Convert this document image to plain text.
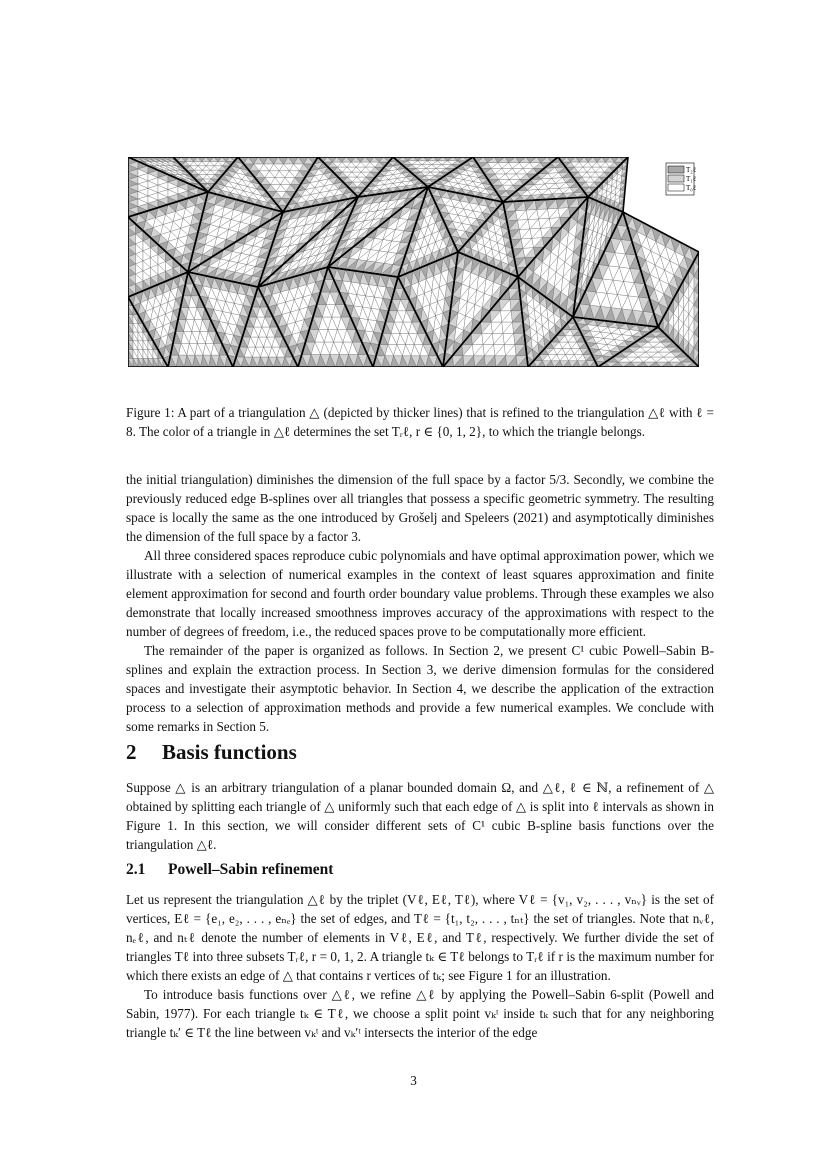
T₂ℓ
T₁ℓ
T₀ℓ

Figure 1: A part of a triangulation △ (depicted by thicker lines) that is refined to the triangulation △ℓ with ℓ = 8. The color of a triangle in △ℓ determines the set Tᵣℓ, r ∈ {0, 1, 2}, to which the triangle belongs.

the initial triangulation) diminishes the dimension of the full space by a factor 5/3. Secondly, we combine the previously reduced edge B-splines over all triangles that possess a specific geometric symmetry. The resulting space is locally the same as the one introduced by Grošelj and Speleers (2021) and asymptotically diminishes the dimension of the full space by a factor 3.

All three considered spaces reproduce cubic polynomials and have optimal approximation power, which we illustrate with a selection of numerical examples in the context of least squares approximation and finite element approximation for second and fourth order boundary value problems. Through these examples we also demonstrate that locally increased smoothness improves accuracy of the approximations with respect to the number of degrees of freedom, i.e., the reduced spaces prove to be computationally more efficient.

The remainder of the paper is organized as follows. In Section 2, we present C¹ cubic Powell–Sabin B-splines and explain the extraction process. In Section 3, we derive dimension formulas for the considered spaces and investigate their asymptotic behavior. In Section 4, we describe the application of the extraction process to a selection of approximation methods and provide a few numerical examples. We conclude with some remarks in Section 5.

2 Basis functions

Suppose △ is an arbitrary triangulation of a planar bounded domain Ω, and △ℓ, ℓ ∈ ℕ, a refinement of △ obtained by splitting each triangle of △ uniformly such that each edge of △ is split into ℓ intervals as shown in Figure 1. In this section, we will consider different sets of C¹ cubic B-spline basis functions over the triangulation △ℓ.

2.1 Powell–Sabin refinement

Let us represent the triangulation △ℓ by the triplet (Vℓ, Eℓ, Tℓ), where Vℓ = {v₁, v₂, . . . , vₙᵥ} is the set of vertices, Eℓ = {e₁, e₂, . . . , eₙₑ} the set of edges, and Tℓ = {t₁, t₂, . . . , tₙₜ} the set of triangles. Note that nᵥℓ, nₑℓ, and nₜℓ denote the number of elements in Vℓ, Eℓ, and Tℓ, respectively. We further divide the set of triangles Tℓ into three subsets Tᵣℓ, r = 0, 1, 2. A triangle tₖ ∈ Tℓ belongs to Tᵣℓ if r is the maximum number for which there exists an edge of △ that contains r vertices of tₖ; see Figure 1 for an illustration.

To introduce basis functions over △ℓ, we refine △ℓ by applying the Powell–Sabin 6-split (Powell and Sabin, 1977). For each triangle tₖ ∈ Tℓ, we choose a split point vₖᵗ inside tₖ such that for any neighboring triangle tₖ′ ∈ Tℓ the line between vₖᵗ and vₖ′ᵗ intersects the interior of the edge

3
